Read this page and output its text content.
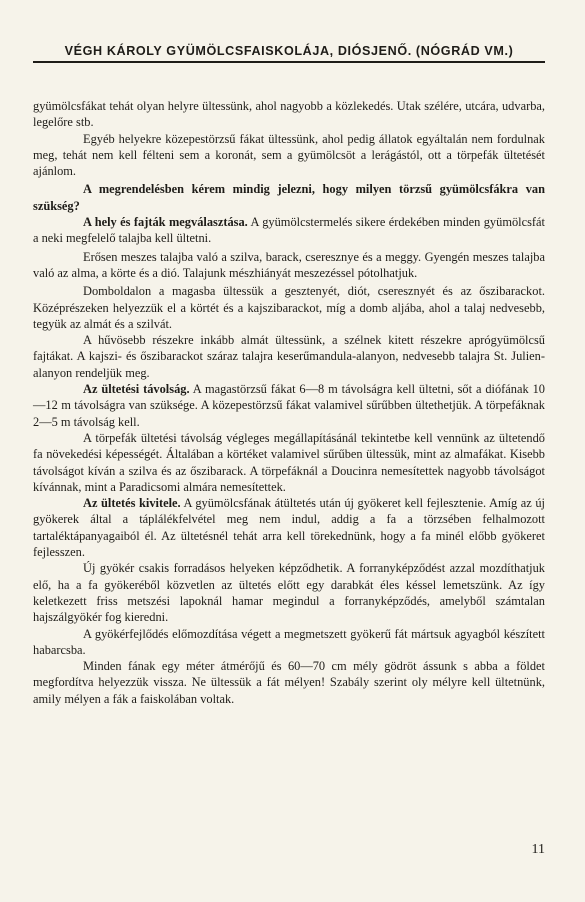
VÉGH KÁROLY GYÜMÖLCSFAISKOLÁJA, DIÓSJENŐ. (NÓGRÁD VM.)

gyümölcsfákat tehát olyan helyre ültessünk, ahol nagyobb a közlekedés. Utak szélére, utcára, udvarba, legelőre stb.

Egyéb helyekre közepestörzsű fákat ültessünk, ahol pedig állatok egyáltalán nem fordulnak meg, tehát nem kell félteni sem a koronát, sem a gyümölcsöt a lerágástól, ott a törpefák ültetését ajánlom.

A megrendelésben kérem mindig jelezni, hogy milyen törzsű gyümölcsfákra van szükség?

A hely és fajták megválasztása. A gyümölcstermelés sikere érdekében minden gyümölcsfát a neki megfelelő talajba kell ültetni.

Erősen meszes talajba való a szilva, barack, cseresznye és a meggy. Gyengén meszes talajba való az alma, a körte és a dió. Talajunk mészhiányát meszezéssel pótolhatjuk.

Domboldalon a magasba ültessük a gesztenyét, diót, cseresznyét és az őszibarackot. Középrészeken helyezzük el a körtét és a kajszibarackot, míg a domb aljába, ahol a talaj nedvesebb, tegyük az almát és a szilvát.

A hűvösebb részekre inkább almát ültessünk, a szélnek kitett részekre aprógyümölcsű fajtákat. A kajszi- és őszibarackot száraz talajra keserűmandula-alanyon, nedvesebb talajra St. Julien-alanyon rendeljük meg.

Az ültetési távolság. A magastörzsű fákat 6—8 m távolságra kell ültetni, sőt a diófának 10—12 m távolságra van szüksége. A közepestörzsű fákat valamivel sűrűbben ültethetjük. A törpefáknak 2—5 m távolság kell.

A törpefák ültetési távolság végleges megállapításánál tekintetbe kell vennünk az ültetendő fa növekedési képességét. Általában a körtéket valamivel sűrűben ültessük, mint az almafákat. Kisebb távolságot kíván a szilva és az őszibarack. A törpefáknál a Doucinra nemesítettek nagyobb távolságot kívánnak, mint a Paradicsomi almára nemesítettek.

Az ültetés kivitele. A gyümölcsfának átültetés után új gyökeret kell fejlesztenie. Amíg az új gyökerek által a táplálékfelvétel meg nem indul, addig a fa a törzsében felhalmozott tartaléktápanyagaiból él. Az ültetésnél tehát arra kell törekednünk, hogy a fa minél előbb gyökeret fejlesszen.

Új gyökér csakis forradásos helyeken képződhetik. A forranyképződést azzal mozdíthatjuk elő, ha a fa gyökeréből közvetlen az ültetés előtt egy darabkát éles késsel lemetszünk. Az így keletkezett friss metszési lapoknál hamar megindul a forranyképződés, amelyből számtalan hajszálgyökér fog kieredni.

A gyökérfejlődés előmozdítása végett a megmetszett gyökerű fát mártsuk agyagból készített habarcsba.

Minden fának egy méter átmérőjű és 60—70 cm mély gödröt ássunk s abba a földet megfordítva helyezzük vissza. Ne ültessük a fát mélyen! Szabály szerint oly mélyre kell ültetnünk, amily mélyen a fák a faiskolában voltak.

11
